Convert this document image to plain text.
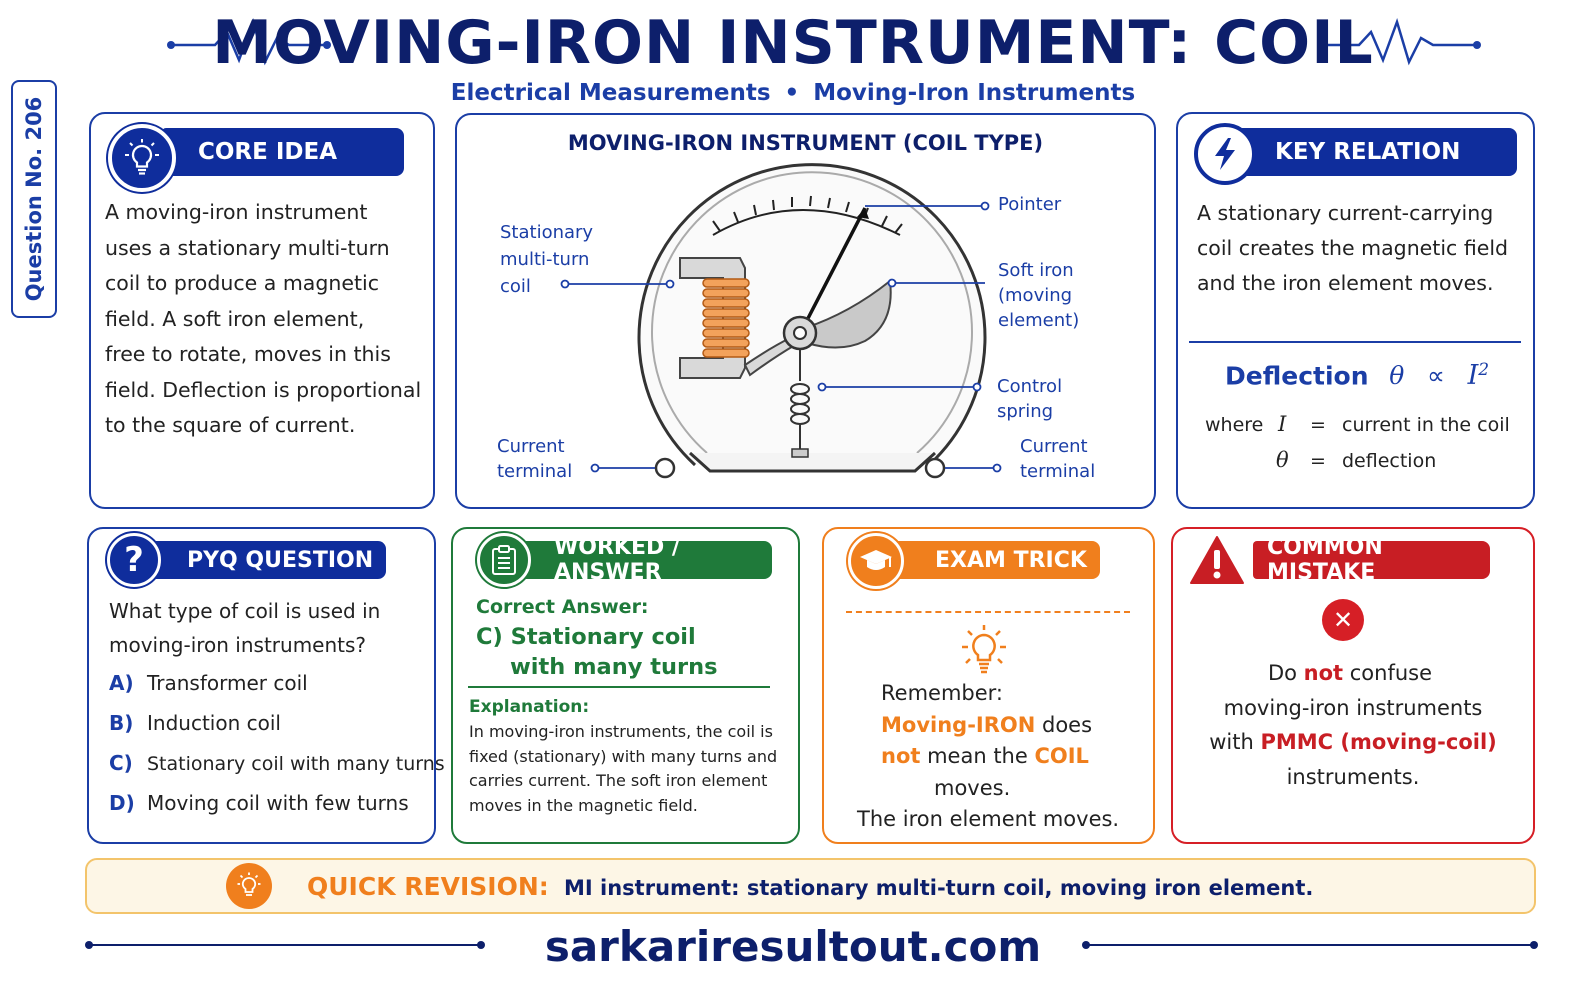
MOVING-IRON INSTRUMENT: COIL
Electrical Measurements • Moving-Iron Instruments
Question No. 206	CORE IDEA
A moving-iron instrument
uses a stationary multi-turn
coil to produce a magnetic
field. A soft iron element,
free to rotate, moves in this
field. Deflection is proportional
to the square of current.
MOVING-IRON INSTRUMENT (COIL TYPE)
Stationary
multi-turn
coil
Pointer
Soft iron
(moving
element)
Control
spring
Current
terminal
Current
terminal
KEY RELATION
A stationary current-carrying
coil creates the magnetic field
and the iron element moves.
Deflection $\theta \propto I^2$
where I = current in the coil
θ = deflection
PYQ QUESTION
?
What type of coil is used in
moving-iron instruments?
A) Transformer coil
B) Induction coil
C) Stationary coil with many turns
D) Moving coil with few turns
WORKED / ANSWER
Correct Answer:
C) Stationary coil
with many turns
Explanation:
In moving-iron instruments, the coil is
fixed (stationary) with many turns and
carries current. The soft iron element
moves in the magnetic field.
EXAM TRICK
Remember:
Moving-IRON does
not mean the COIL
moves.
The iron element moves.
COMMON MISTAKE
✕
Do not confuse
moving-iron instruments
with PMMC (moving-coil)
instruments.
QUICK REVISION: MI instrument: stationary multi-turn coil, moving iron element.
sarkariresultout.com
